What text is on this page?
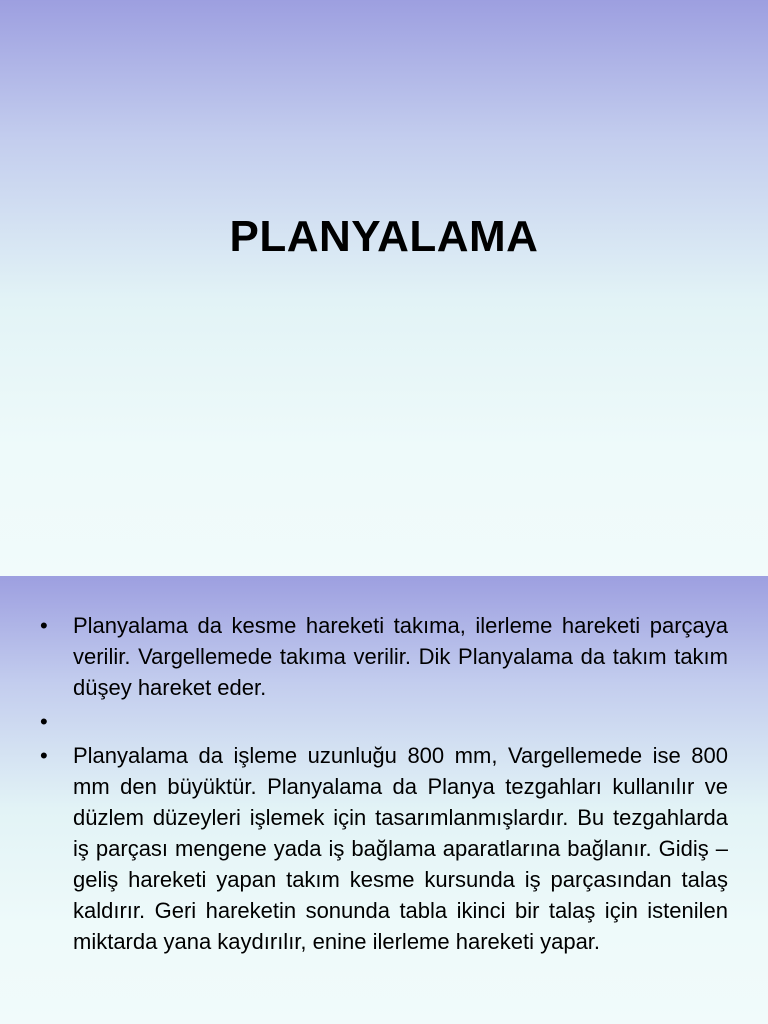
PLANYALAMA
•	Planyalama da kesme hareketi takıma, ilerleme hareketi parçaya verilir. Vargellemede takıma verilir. Dik Planyalama da takım takım düşey hareket eder.
•
•	Planyalama da işleme uzunluğu 800 mm, Vargellemede ise 800 mm den büyüktür. Planyalama da Planya tezgahları kullanılır ve düzlem düzeyleri işlemek için tasarımlanmışlardır. Bu tezgahlarda iş parçası mengene yada iş bağlama aparatlarına bağlanır. Gidiş – geliş hareketi yapan takım kesme kursunda iş parçasından talaş kaldırır. Geri hareketin sonunda tabla ikinci bir talaş için istenilen miktarda yana kaydırılır, enine ilerleme hareketi yapar.
